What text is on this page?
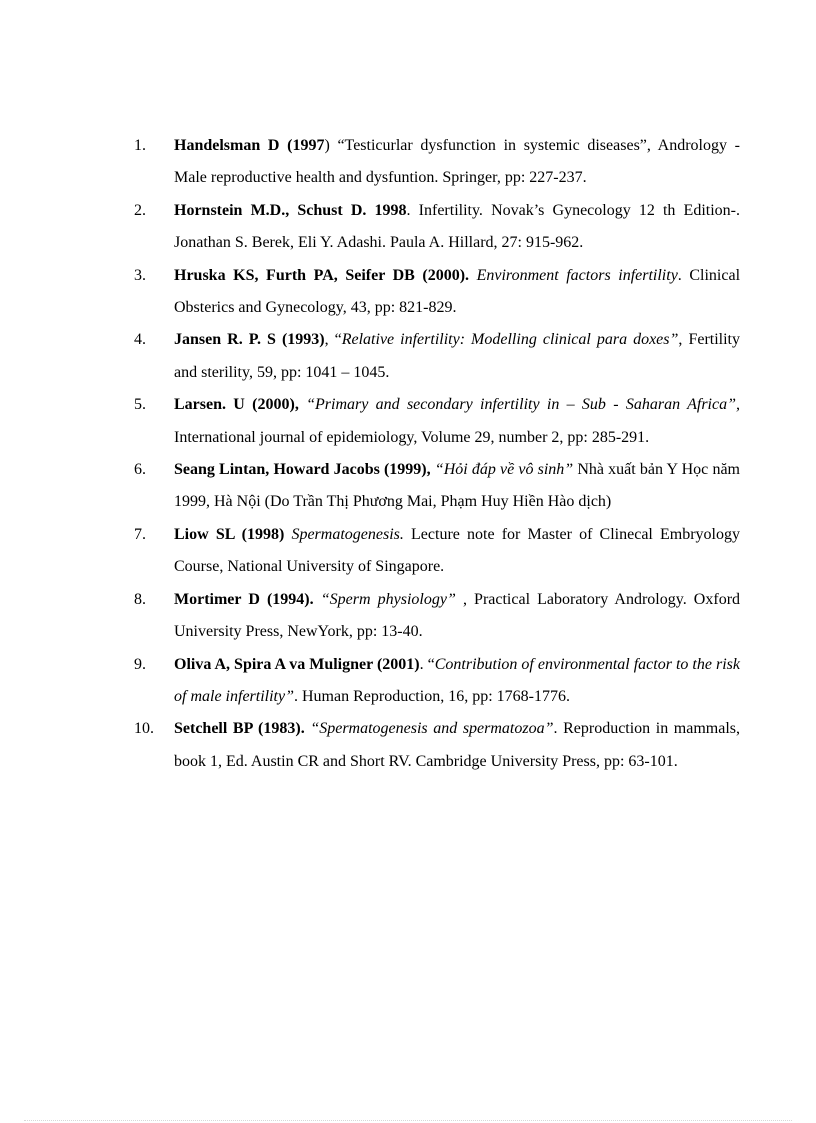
1.	Handelsman D (1997) “Testicurlar dysfunction in systemic diseases”, Andrology - Male reproductive health and dysfuntion. Springer, pp: 227-237.
2.	Hornstein M.D., Schust D. 1998. Infertility. Novak’s Gynecology 12 th Edition-. Jonathan S. Berek, Eli Y. Adashi. Paula A. Hillard, 27: 915-962.
3.	Hruska KS, Furth PA, Seifer DB (2000). Environment factors infertility. Clinical Obsterics and Gynecology, 43, pp: 821-829.
4.	Jansen R. P. S (1993), “Relative infertility: Modelling clinical para doxes”, Fertility and sterility, 59, pp: 1041 – 1045.
5.	Larsen. U (2000), “Primary and secondary infertility in – Sub - Saharan Africa”, International journal of epidemiology, Volume 29, number 2, pp: 285-291.
6.	Seang Lintan, Howard Jacobs (1999), “Hỏi đáp về vô sinh” Nhà xuất bản Y Học năm 1999, Hà Nội (Do Trần Thị Phương Mai, Phạm Huy Hiền Hào dịch)
7.	Liow SL (1998) Spermatogenesis. Lecture note for Master of Clinecal Embryology Course, National University of Singapore.
8.	Mortimer D (1994). “Sperm physiology” , Practical Laboratory Andrology. Oxford University Press, NewYork, pp: 13-40.
9.	Oliva A, Spira A va Muligner (2001). “Contribution of environmental factor to the risk of male infertility”. Human Reproduction, 16, pp: 1768-1776.
10.	Setchell BP (1983). “Spermatogenesis and spermatozoa”. Reproduction in mammals, book 1, Ed. Austin CR and Short RV. Cambridge University Press, pp: 63-101.
